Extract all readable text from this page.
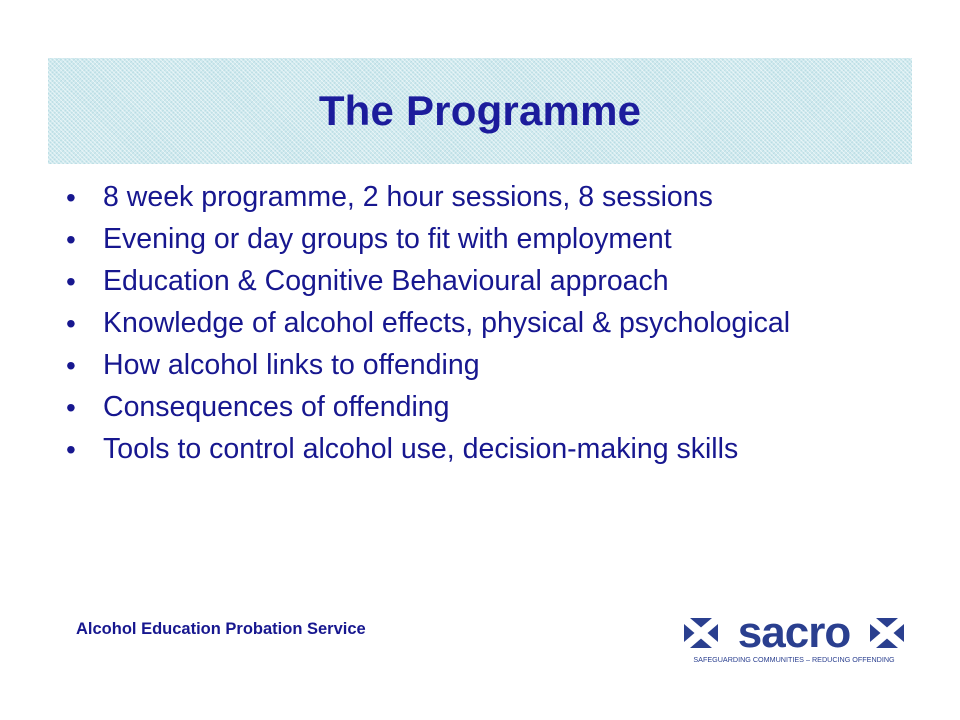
The Programme
• 8 week programme, 2 hour sessions, 8 sessions
• Evening or day groups to fit with employment
• Education & Cognitive Behavioural approach
• Knowledge of alcohol effects, physical & psychological
• How alcohol links to offending
• Consequences of offending
• Tools to control alcohol use, decision-making skills
Alcohol Education Probation Service	sacro
SAFEGUARDING COMMUNITIES – REDUCING OFFENDING
